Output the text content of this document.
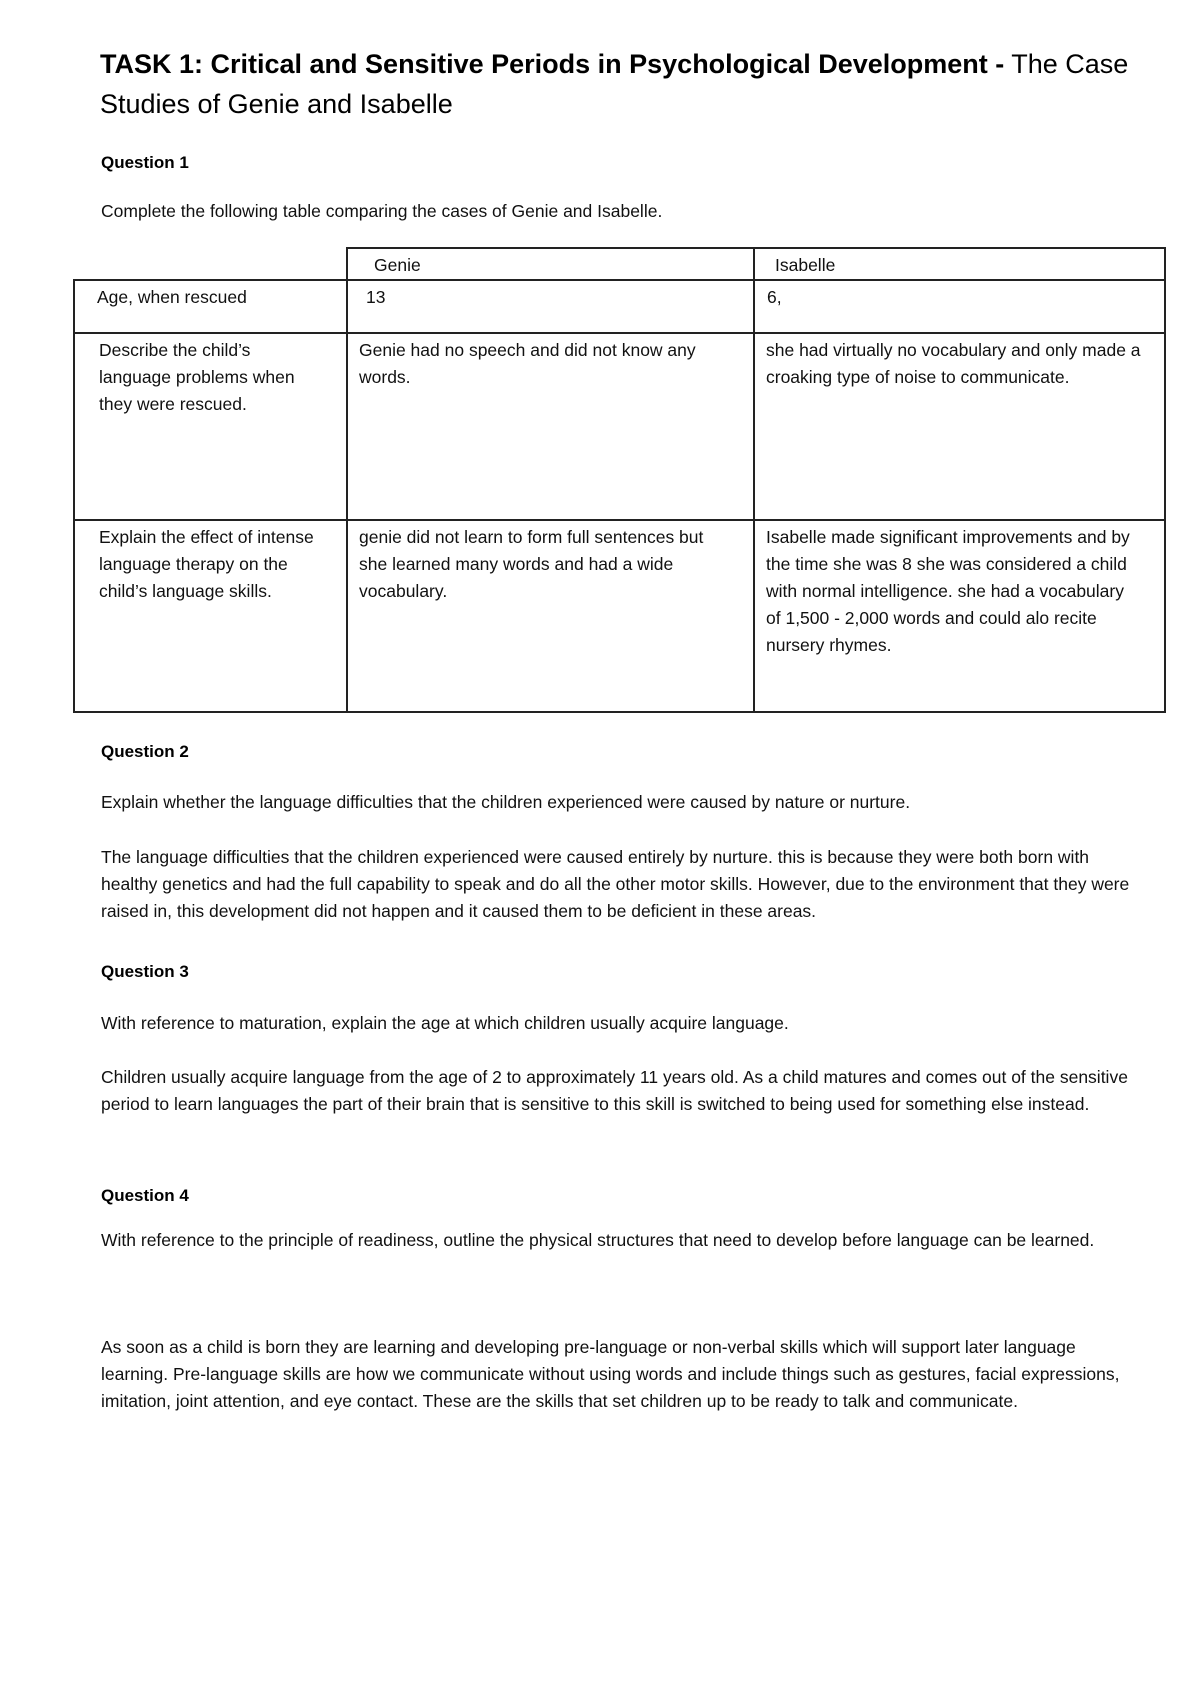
TASK 1: Critical and Sensitive Periods in Psychological Development - The Case Studies of Genie and Isabelle
Question 1
Complete the following table comparing the cases of Genie and Isabelle.
	Genie	Isabelle
Age, when rescued	13	6,
Describe the child’s language problems when they were rescued.	Genie had no speech and did not know any words.	she had virtually no vocabulary and only made a croaking type of noise to communicate.
Explain the effect of intense language therapy on the child’s language skills.	genie did not learn to form full sentences but she learned many words and had a wide vocabulary.	Isabelle made significant improvements and by the time she was 8 she was considered a child with normal intelligence. she had a vocabulary of 1,500 - 2,000 words and could alo recite nursery rhymes.
Question 2
Explain whether the language difficulties that the children experienced were caused by nature or nurture.
The language difficulties that the children experienced were caused entirely by nurture. this is because they were both born with healthy genetics and had the full capability to speak and do all the other motor skills. However, due to the environment that they were raised in, this development did not happen and it caused them to be deficient in these areas.
Question 3
With reference to maturation, explain the age at which children usually acquire language.
Children usually acquire language from the age of 2 to approximately 11 years old. As a child matures and comes out of the sensitive period to learn languages the part of their brain that is sensitive to this skill is switched to being used for something else instead.
Question 4
With reference to the principle of readiness, outline the physical structures that need to develop before language can be learned.
As soon as a child is born they are learning and developing pre-language or non-verbal skills which will support later language learning. Pre-language skills are how we communicate without using words and include things such as gestures, facial expressions, imitation, joint attention, and eye contact. These are the skills that set children up to be ready to talk and communicate.
